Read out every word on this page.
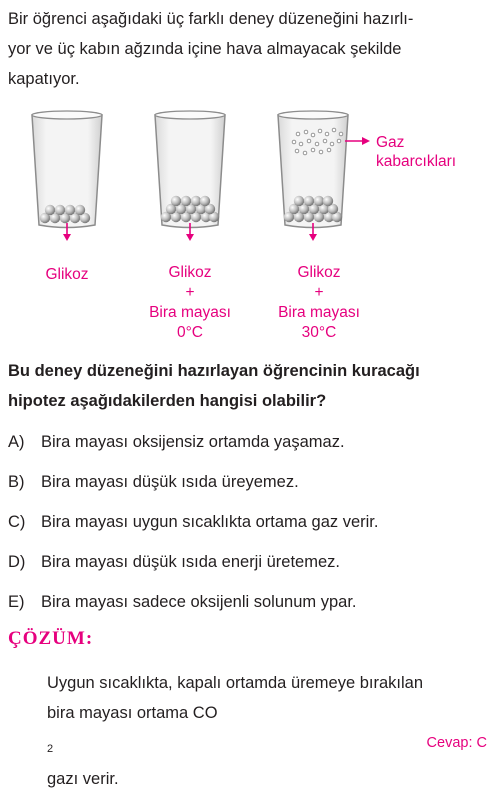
Bir öğrenci aşağıdaki üç farklı deney düzeneğini hazırlı-
yor ve üç kabın ağzında içine hava almayacak şekilde
kapatıyor.
Gaz
kabarcıkları
Glikoz	Glikoz
+
Bira mayası
0°C
Glikoz
+
Bira mayası
30°C
Bu deney düzeneğini hazırlayan öğrencinin kuracağı
hipotez aşağıdakilerden hangisi olabilir?
A) Bira mayası oksijensiz ortamda yaşamaz.
B) Bira mayası düşük ısıda üreyemez.
C) Bira mayası uygun sıcaklıkta ortama gaz verir.
D) Bira mayası düşük ısıda enerji üretemez.
E) Bira mayası sadece oksijenli solunum ypar.
ÇÖZÜM:
Uygun sıcaklıkta, kapalı ortamda üremeye bırakılan
bira mayası ortama CO
$_2$
gazı verir.
Cevap: C
